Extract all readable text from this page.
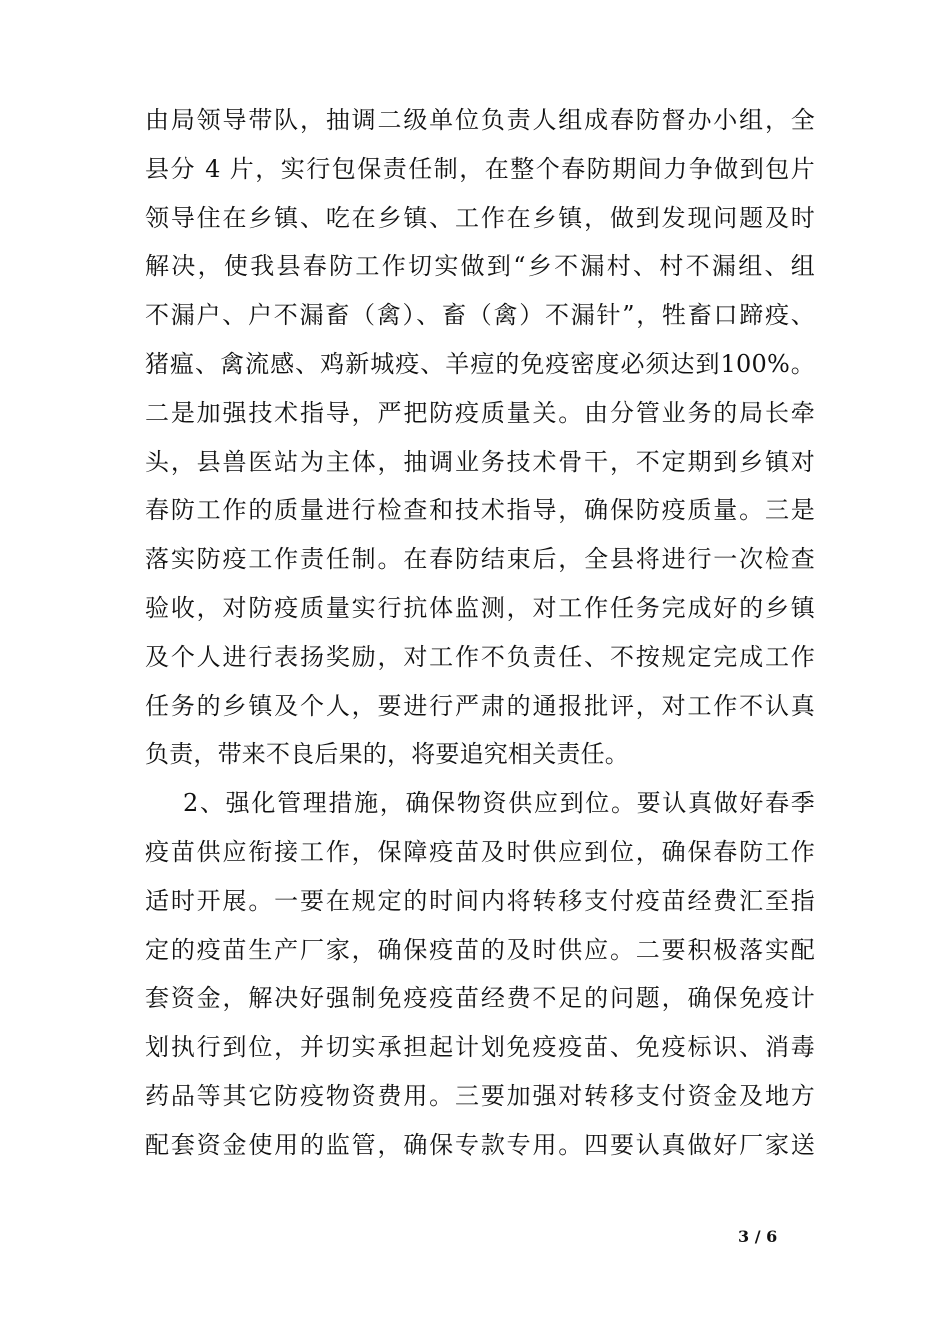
由局领导带队，抽调二级单位负责人组成春防督办小组，全
县分 4 片，实行包保责任制，在整个春防期间力争做到包片
领导住在乡镇、吃在乡镇、工作在乡镇，做到发现问题及时
解决，使我县春防工作切实做到“乡不漏村、村不漏组、组
不漏户、户不漏畜（禽）、畜（禽）不漏针”，牲畜口蹄疫、
猪瘟、禽流感、鸡新城疫、羊痘的免疫密度必须达到100%。
二是加强技术指导，严把防疫质量关。由分管业务的局长牵
头，县兽医站为主体，抽调业务技术骨干，不定期到乡镇对
春防工作的质量进行检查和技术指导，确保防疫质量。三是
落实防疫工作责任制。在春防结束后，全县将进行一次检查
验收，对防疫质量实行抗体监测，对工作任务完成好的乡镇
及个人进行表扬奖励，对工作不负责任、不按规定完成工作
任务的乡镇及个人，要进行严肃的通报批评，对工作不认真
负责，带来不良后果的，将要追究相关责任。
2、强化管理措施，确保物资供应到位。要认真做好春季
疫苗供应衔接工作，保障疫苗及时供应到位，确保春防工作
适时开展。一要在规定的时间内将转移支付疫苗经费汇至指
定的疫苗生产厂家，确保疫苗的及时供应。二要积极落实配
套资金，解决好强制免疫疫苗经费不足的问题，确保免疫计
划执行到位，并切实承担起计划免疫疫苗、免疫标识、消毒
药品等其它防疫物资费用。三要加强对转移支付资金及地方
配套资金使用的监管，确保专款专用。四要认真做好厂家送
3 / 6
